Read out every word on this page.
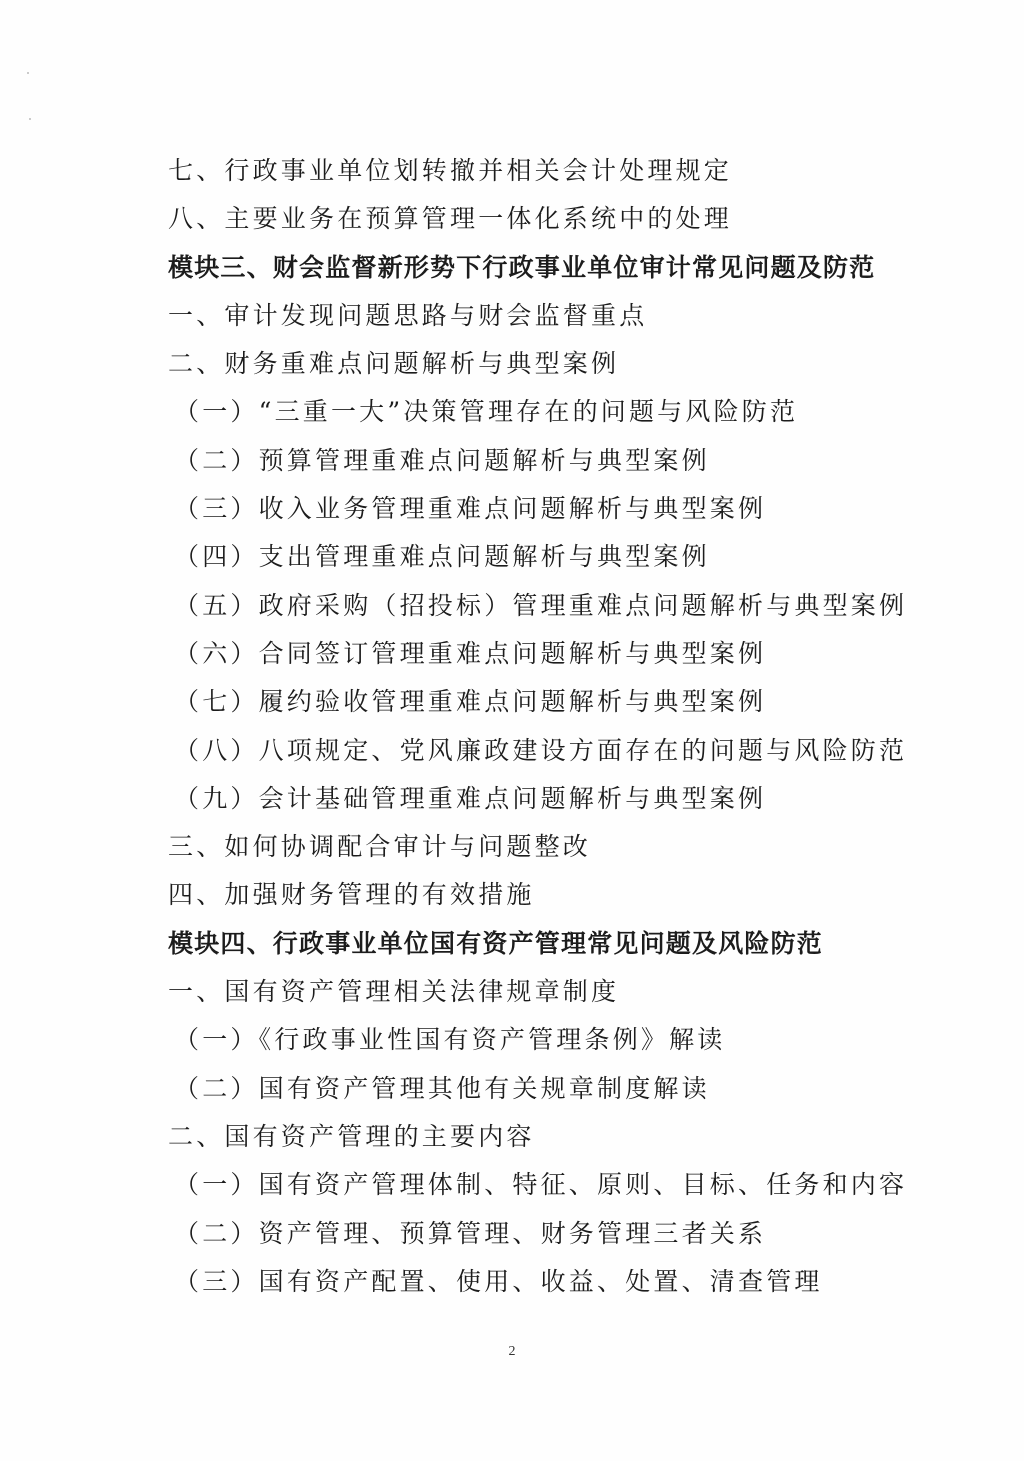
七、行政事业单位划转撤并相关会计处理规定
八、主要业务在预算管理一体化系统中的处理
模块三、财会监督新形势下行政事业单位审计常见问题及防范
一、审计发现问题思路与财会监督重点
二、财务重难点问题解析与典型案例
（一）“三重一大”决策管理存在的问题与风险防范
（二）预算管理重难点问题解析与典型案例
（三）收入业务管理重难点问题解析与典型案例
（四）支出管理重难点问题解析与典型案例
（五）政府采购（招投标）管理重难点问题解析与典型案例
（六）合同签订管理重难点问题解析与典型案例
（七）履约验收管理重难点问题解析与典型案例
（八）八项规定、党风廉政建设方面存在的问题与风险防范
（九）会计基础管理重难点问题解析与典型案例
三、如何协调配合审计与问题整改
四、加强财务管理的有效措施
模块四、行政事业单位国有资产管理常见问题及风险防范
一、国有资产管理相关法律规章制度
（一）《行政事业性国有资产管理条例》解读
（二）国有资产管理其他有关规章制度解读
二、国有资产管理的主要内容
（一）国有资产管理体制、特征、原则、目标、任务和内容
（二）资产管理、预算管理、财务管理三者关系
（三）国有资产配置、使用、收益、处置、清查管理
2
